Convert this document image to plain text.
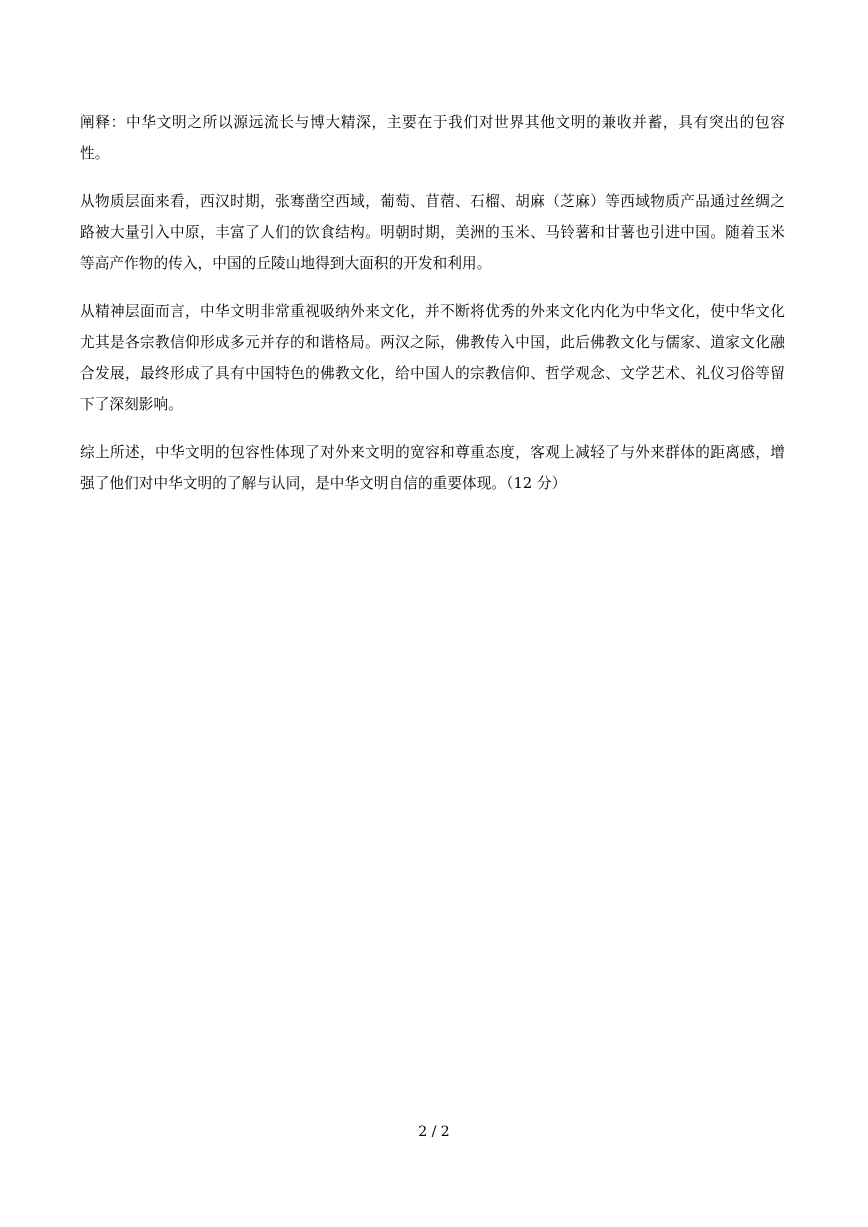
阐释：中华文明之所以源远流长与博大精深，主要在于我们对世界其他文明的兼收并蓄，具有突出的包容性。

从物质层面来看，西汉时期，张骞凿空西域，葡萄、苜蓿、石榴、胡麻（芝麻）等西域物质产品通过丝绸之路被大量引入中原，丰富了人们的饮食结构。明朝时期，美洲的玉米、马铃薯和甘薯也引进中国。随着玉米等高产作物的传入，中国的丘陵山地得到大面积的开发和利用。

从精神层面而言，中华文明非常重视吸纳外来文化，并不断将优秀的外来文化内化为中华文化，使中华文化尤其是各宗教信仰形成多元并存的和谐格局。两汉之际，佛教传入中国，此后佛教文化与儒家、道家文化融合发展，最终形成了具有中国特色的佛教文化，给中国人的宗教信仰、哲学观念、文学艺术、礼仪习俗等留下了深刻影响。

综上所述，中华文明的包容性体现了对外来文明的宽容和尊重态度，客观上减轻了与外来群体的距离感，增强了他们对中华文明的了解与认同，是中华文明自信的重要体现。（12 分）

2 / 2
